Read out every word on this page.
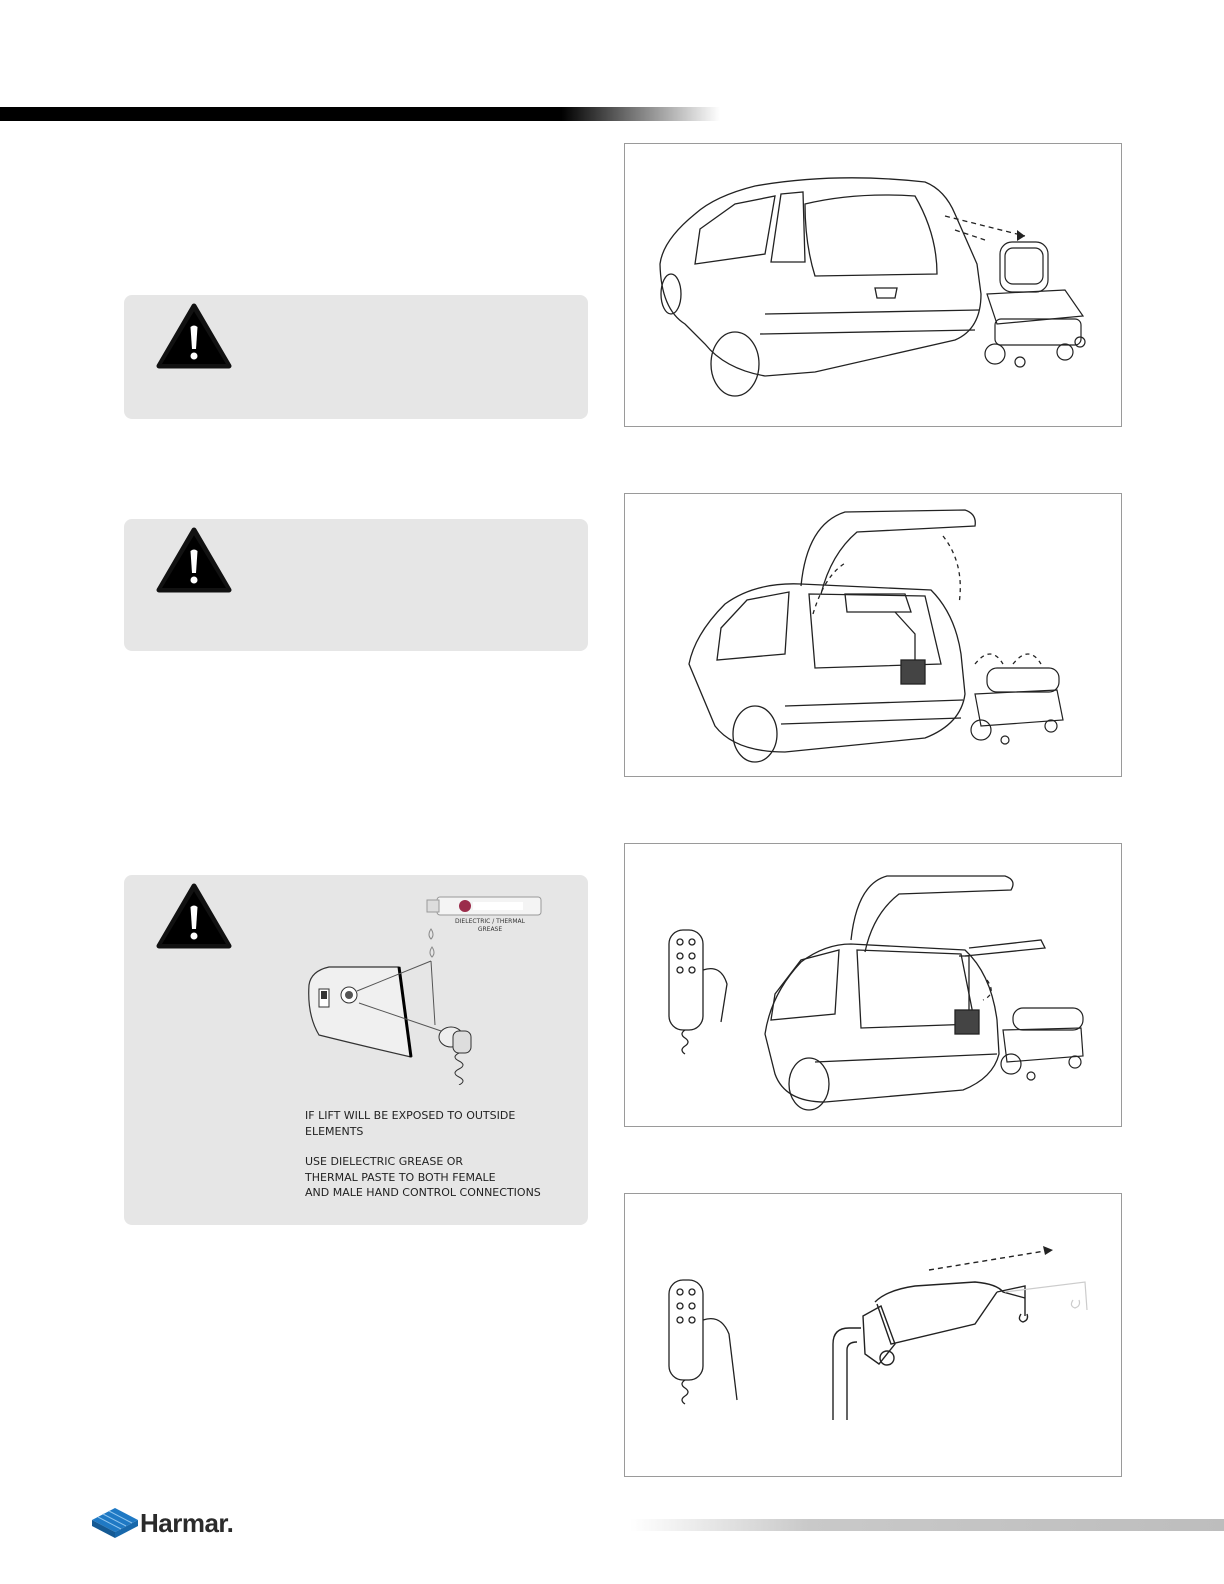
DIELECTRIC / THERMAL
GREASE
IF LIFT WILL BE EXPOSED TO OUTSIDE
ELEMENTS
USE DIELECTRIC GREASE OR
THERMAL PASTE TO BOTH FEMALE
AND MALE HAND CONTROL CONNECTIONS
Harmar.
